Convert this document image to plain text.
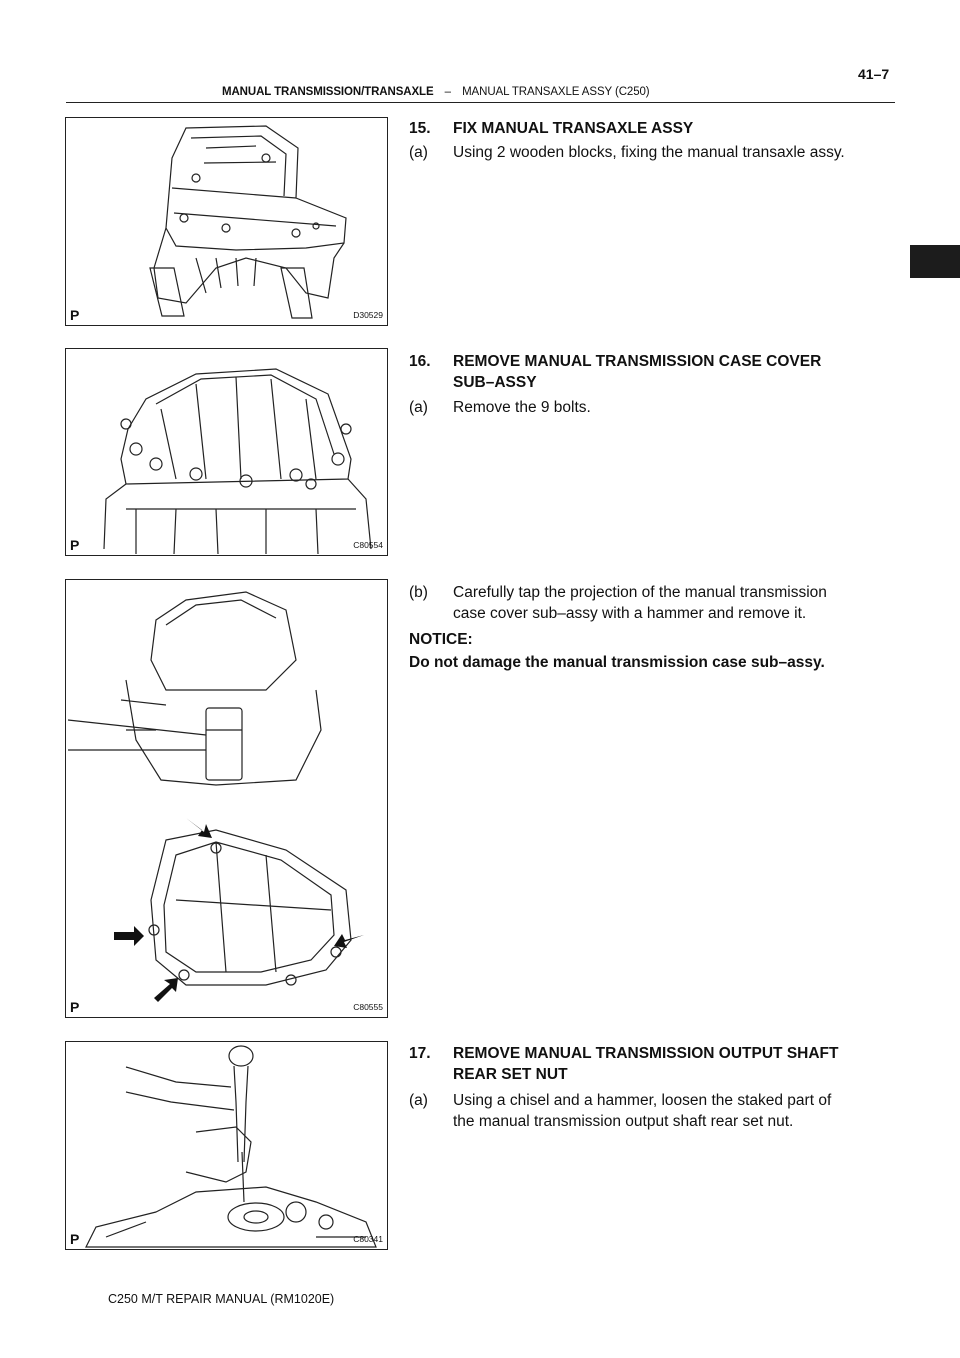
MANUAL TRANSMISSION/TRANSAXLE – MANUAL TRANSAXLE ASSY (C250)
41–7
P	D30529
P	C80554
P	C80555
P	C80341
15. FIX MANUAL TRANSAXLE ASSY
(a) Using 2 wooden blocks, fixing the manual transaxle assy.
16. REMOVE MANUAL TRANSMISSION CASE COVER
SUB–ASSY
(a) Remove the 9 bolts.
(b) Carefully tap the projection of the manual transmission
case cover sub–assy with a hammer and remove it.
NOTICE:
Do not damage the manual transmission case sub–assy.
17. REMOVE MANUAL TRANSMISSION OUTPUT SHAFT
REAR SET NUT
(a) Using a chisel and a hammer, loosen the staked part of
the manual transmission output shaft rear set nut.
C250 M/T REPAIR MANUAL (RM1020E)
